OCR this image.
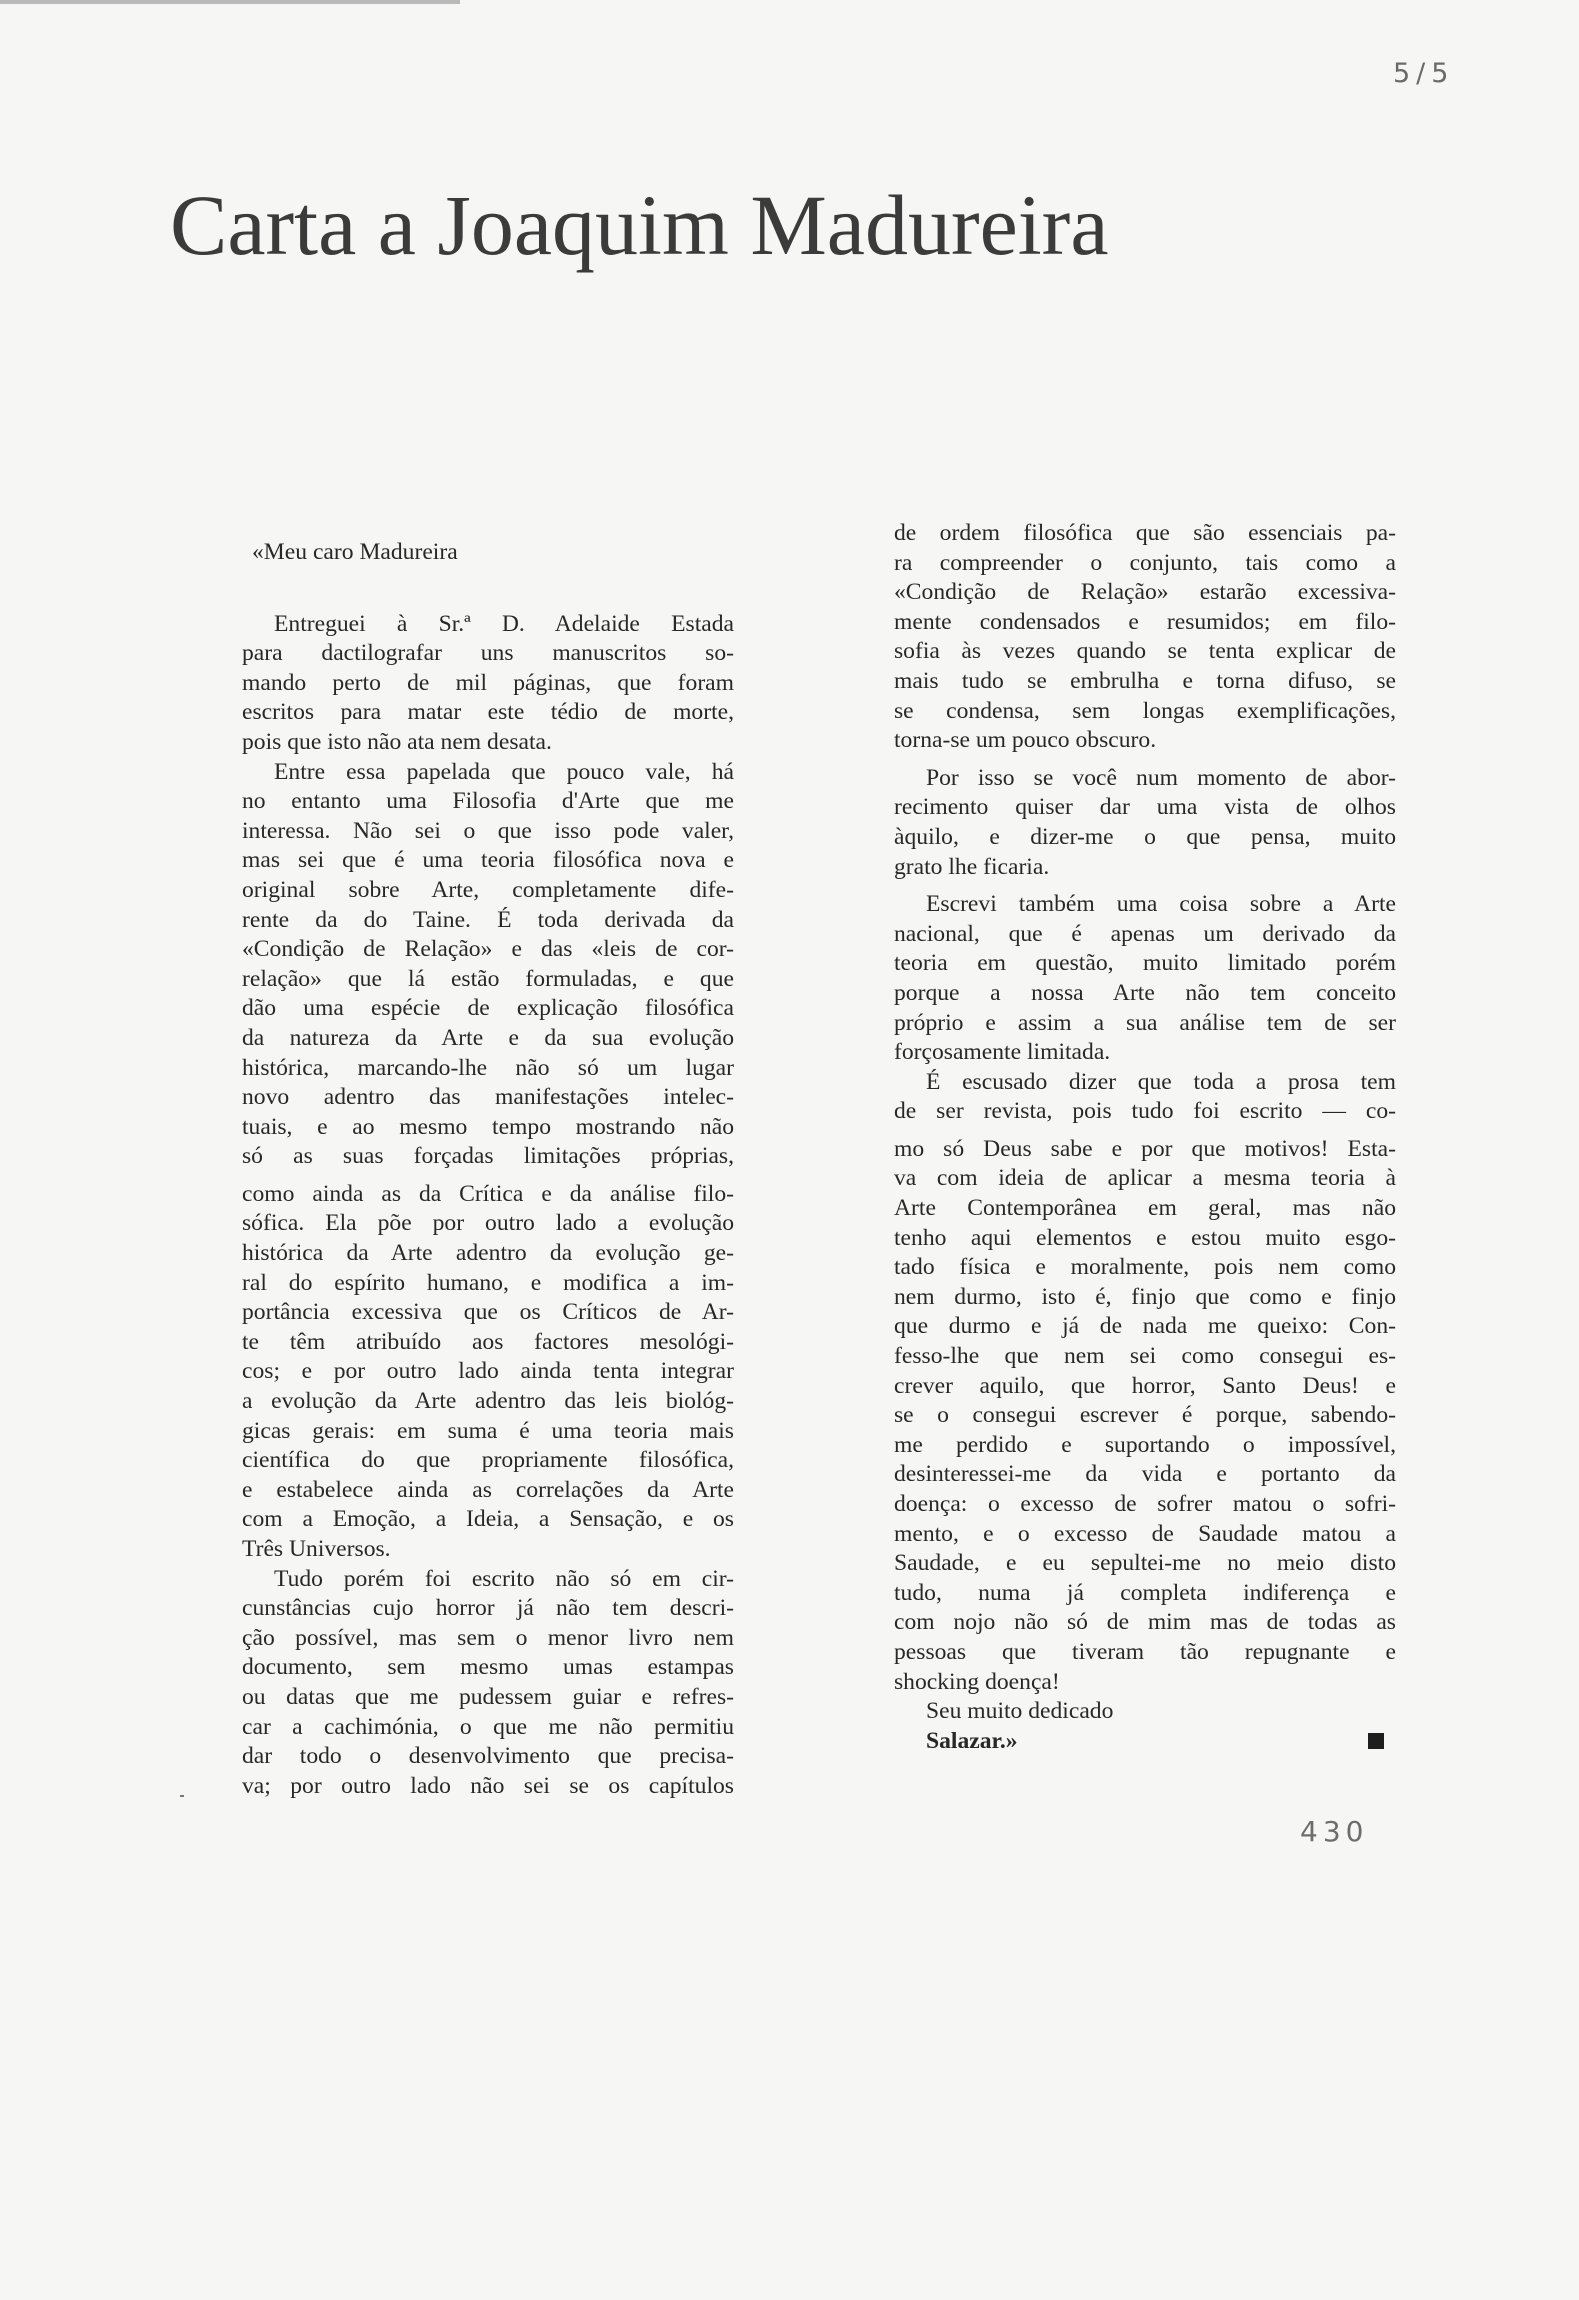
5/5
Carta a Joaquim Madureira
«Meu caro Madureira
Entreguei à Sr.ª D. Adelaide Estada
para dactilografar uns manuscritos so-
mando perto de mil páginas, que foram
escritos para matar este tédio de morte,
pois que isto não ata nem desata.
Entre essa papelada que pouco vale, há
no entanto uma Filosofia d'Arte que me
interessa. Não sei o que isso pode valer,
mas sei que é uma teoria filosófica nova e
original sobre Arte, completamente dife-
rente da do Taine. É toda derivada da
«Condição de Relação» e das «leis de cor-
relação» que lá estão formuladas, e que
dão uma espécie de explicação filosófica
da natureza da Arte e da sua evolução
histórica, marcando-lhe não só um lugar
novo adentro das manifestações intelec-
tuais, e ao mesmo tempo mostrando não
só as suas forçadas limitações próprias,
como ainda as da Crítica e da análise filo-
sófica. Ela põe por outro lado a evolução
histórica da Arte adentro da evolução ge-
ral do espírito humano, e modifica a im-
portância excessiva que os Críticos de Ar-
te têm atribuído aos factores mesológi-
cos; e por outro lado ainda tenta integrar
a evolução da Arte adentro das leis biológ-
gicas gerais: em suma é uma teoria mais
científica do que propriamente filosófica,
e estabelece ainda as correlações da Arte
com a Emoção, a Ideia, a Sensação, e os
Três Universos.
Tudo porém foi escrito não só em cir-
cunstâncias cujo horror já não tem descri-
ção possível, mas sem o menor livro nem
documento, sem mesmo umas estampas
ou datas que me pudessem guiar e refres-
car a cachimónia, o que me não permitiu
dar todo o desenvolvimento que precisa-
va; por outro lado não sei se os capítulos
de ordem filosófica que são essenciais pa-
ra compreender o conjunto, tais como a
«Condição de Relação» estarão excessiva-
mente condensados e resumidos; em filo-
sofia às vezes quando se tenta explicar de
mais tudo se embrulha e torna difuso, se
se condensa, sem longas exemplificações,
torna-se um pouco obscuro.
Por isso se você num momento de abor-
recimento quiser dar uma vista de olhos
àquilo, e dizer-me o que pensa, muito
grato lhe ficaria.
Escrevi também uma coisa sobre a Arte
nacional, que é apenas um derivado da
teoria em questão, muito limitado porém
porque a nossa Arte não tem conceito
próprio e assim a sua análise tem de ser
forçosamente limitada.
É escusado dizer que toda a prosa tem
de ser revista, pois tudo foi escrito — co-
mo só Deus sabe e por que motivos! Esta-
va com ideia de aplicar a mesma teoria à
Arte Contemporânea em geral, mas não
tenho aqui elementos e estou muito esgo-
tado física e moralmente, pois nem como
nem durmo, isto é, finjo que como e finjo
que durmo e já de nada me queixo: Con-
fesso-lhe que nem sei como consegui es-
crever aquilo, que horror, Santo Deus! e
se o consegui escrever é porque, sabendo-
me perdido e suportando o impossível,
desinteressei-me da vida e portanto da
doença: o excesso de sofrer matou o sofri-
mento, e o excesso de Saudade matou a
Saudade, e eu sepultei-me no meio disto
tudo, numa já completa indiferença e
com nojo não só de mim mas de todas as
pessoas que tiveram tão repugnante e
shocking doença!
Seu muito dedicado
Salazar.»
430
